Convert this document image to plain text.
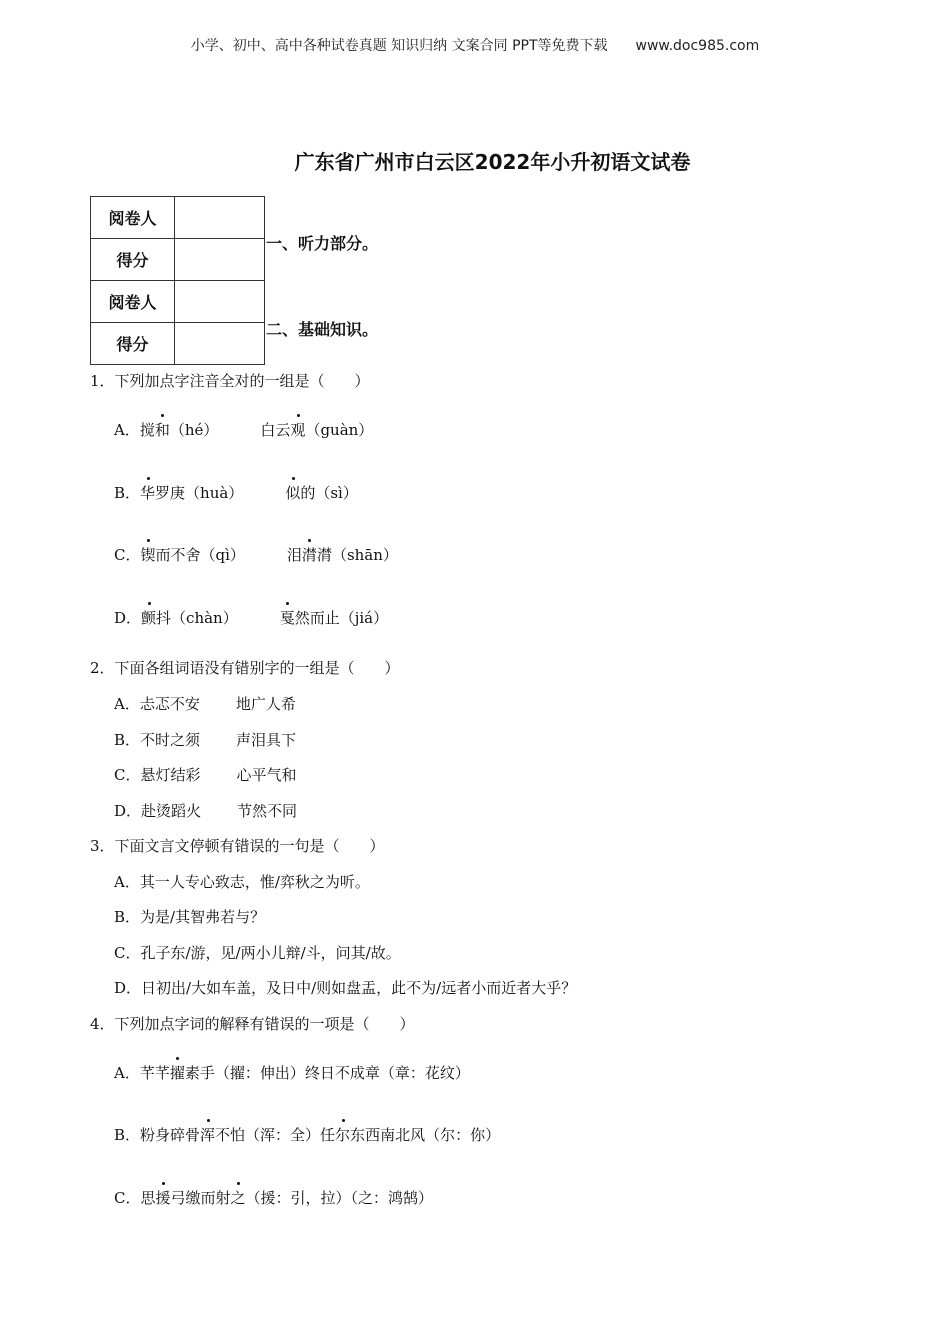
小学、初中、高中各种试卷真题 知识归纳 文案合同 PPT等免费下载 www.doc985.com
广东省广州市白云区2022年小升初语文试卷
阅卷人	
得分	
阅卷人	
得分	
一、听力部分。
二、基础知识。
1．下列加点字注音全对的一组是（　　）
A．搅和（hé）	白云观（guàn）
B．华罗庚（huà）	似的（sì）
C．锲而不舍（qì）	泪潸潸（shān）
D．颤抖（chàn）	戛然而止（jiá）
2．下面各组词语没有错别字的一组是（　　）
A．忐忑不安 地广人希
B．不时之须 声泪具下
C．悬灯结彩 心平气和
D．赴烫蹈火 节然不同
3．下面文言文停顿有错误的一句是（　　）
A．其一人专心致志，惟/弈秋之为听。
B．为是/其智弗若与？
C．孔子东/游，见/两小儿辩/斗，问其/故。
D．日初出/大如车盖，及日中/则如盘盂，此不为/远者小而近者大乎？
4．下列加点字词的解释有错误的一项是（　　）
A．芊芊擢素手（擢：伸出）终日不成章（章：花纹）
B．粉身碎骨浑不怕（浑：全）任尔东西南北风（尔：你）
C．思援弓缴而射之（援：引，拉）（之：鸿鹄）
